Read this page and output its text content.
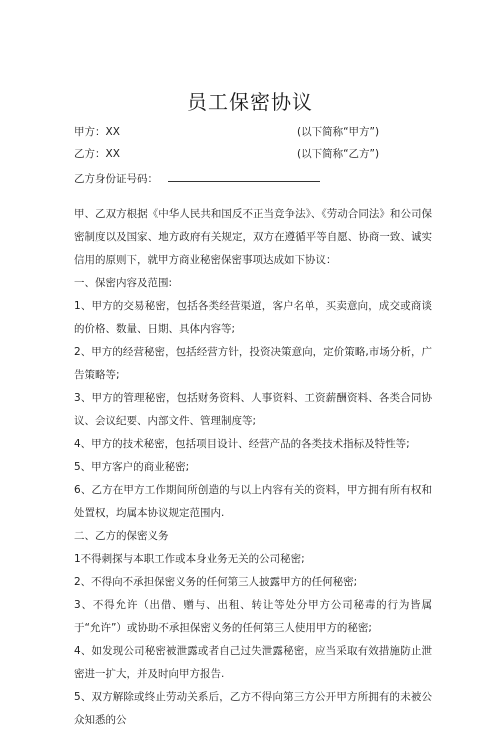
员工保密协议
甲方：XX	(以下简称“甲方”)
乙方：XX	(以下简称“乙方”)
乙方身份证号码：

甲、乙双方根据《中华人民共和国反不正当竞争法》、《劳动合同法》和公司保密制度以及国家、地方政府有关规定，双方在遵循平等自愿、协商一致、诚实信用的原则下，就甲方商业秘密保密事项达成如下协议：

一、保密内容及范围:

1、甲方的交易秘密，包括各类经营渠道，客户名单，买卖意向，成交或商谈的价格、数量、日期、具体内容等;

2、甲方的经营秘密，包括经营方针，投资决策意向，定价策略,市场分析，广告策略等;

3、甲方的管理秘密，包括财务资料、人事资料、工资薪酬资料、各类合同协议、会议纪要、内部文件、管理制度等;

4、甲方的技术秘密，包括项目设计、经营产品的各类技术指标及特性等;

5、甲方客户的商业秘密;

6、乙方在甲方工作期间所创造的与以上内容有关的资料，甲方拥有所有权和处置权，均属本协议规定范围内.

二、乙方的保密义务

1不得刺探与本职工作或本身业务无关的公司秘密;

2、不得向不承担保密义务的任何第三人披露甲方的任何秘密;

3、不得允许（出借、赠与、出租、转让等处分甲方公司秘毒的行为皆属于“允许”）或协助不承担保密义务的任何第三人使用甲方的秘密;

4、如发现公司秘密被泄露或者自己过失泄露秘密，应当采取有效措施防止泄密进一扩大，并及时向甲方报告.

5、双方解除或终止劳动关系后，乙方不得向第三方公开甲方所拥有的未被公众知悉的公
